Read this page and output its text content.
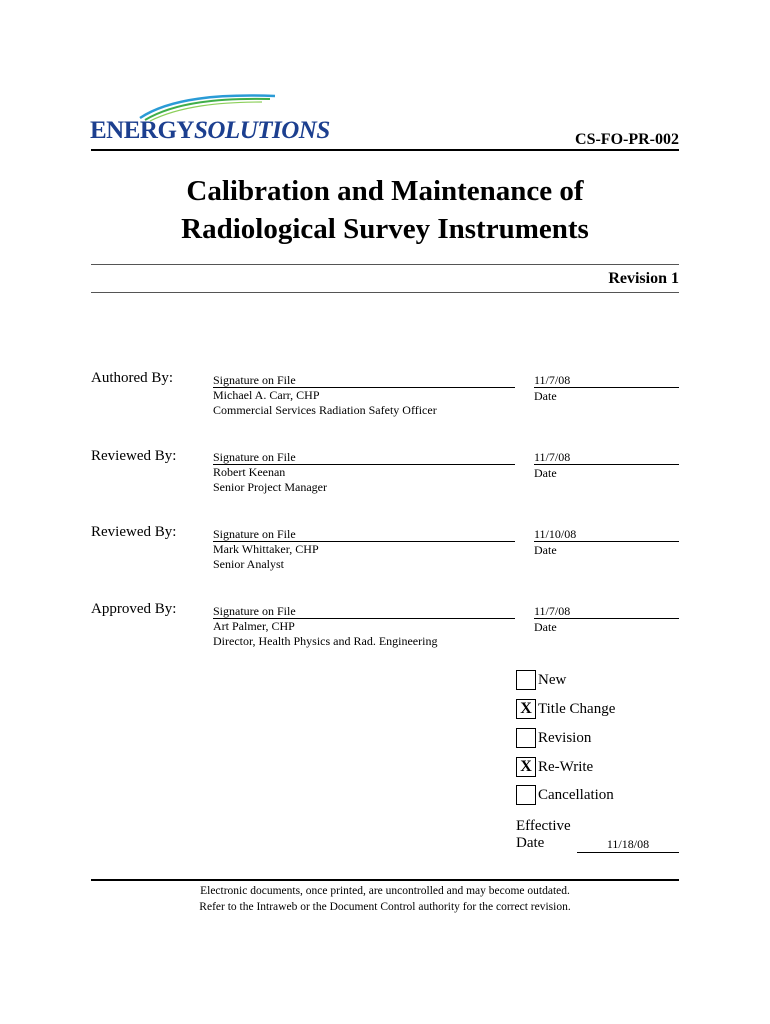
ENERGYSOLUTIONS	CS-FO-PR-002
Calibration and Maintenance of
Radiological Survey Instruments
Revision 1
Authored By:	Signature on File
Michael A. Carr, CHP
Commercial Services Radiation Safety Officer
11/7/08
Date
Reviewed By:	Signature on File
Robert Keenan
Senior Project Manager
11/7/08
Date
Reviewed By:	Signature on File
Mark Whittaker, CHP
Senior Analyst
11/10/08
Date
Approved By:	Signature on File
Art Palmer, CHP
Director, Health Physics and Rad. Engineering
11/7/08
Date
New
X Title Change
Revision
X Re-Write
Cancellation
Effective
Date	11/18/08
Electronic documents, once printed, are uncontrolled and may become outdated.
Refer to the Intraweb or the Document Control authority for the correct revision.
